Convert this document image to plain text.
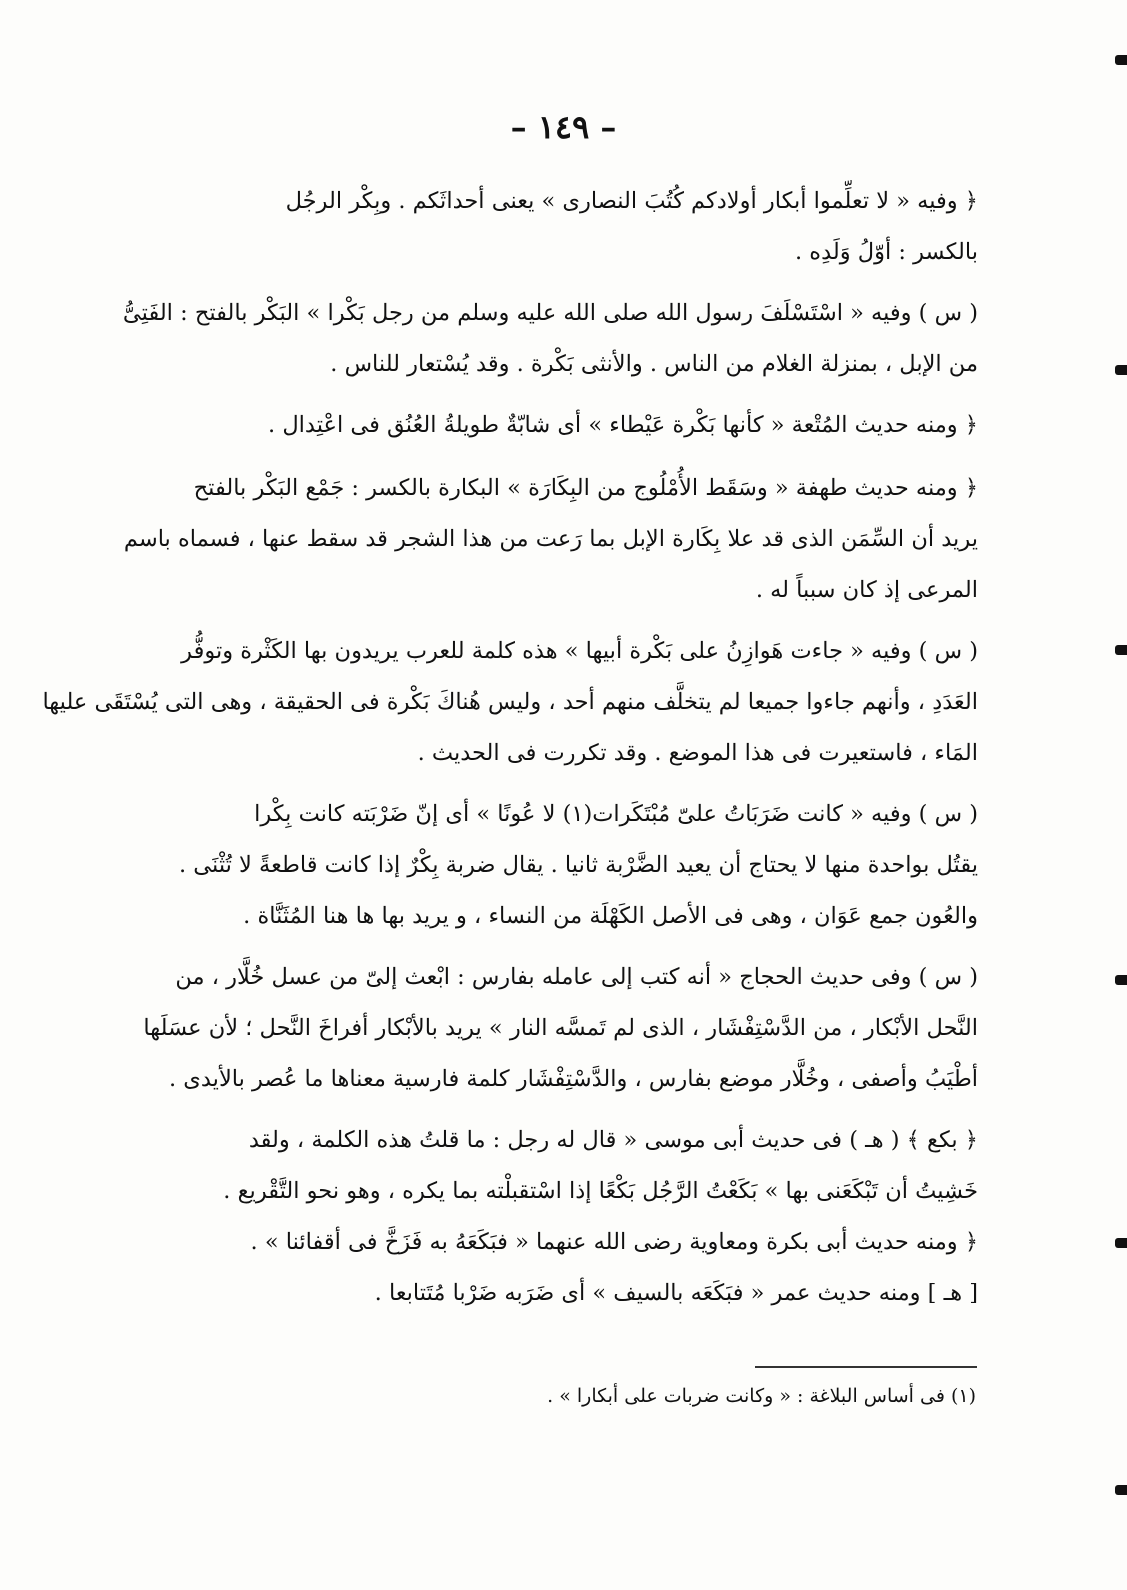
– ١٤٩ –

﴿ وفيه « لا تعلِّموا أبكار أولادكم كُتُبَ النصارى » يعنى أحداثَكم . وبِكْر الرجُل
بالكسر : أوّلُ وَلَدِه .

( س ) وفيه « اسْتَسْلَفَ رسول الله صلى الله عليه وسلم من رجل بَكْرا » البَكْر بالفتح : الفَتِىُّ
من الإبل ، بمنزلة الغلام من الناس . والأنثى بَكْرة . وقد يُسْتعار للناس .

﴿ ومنه حديث المُتْعة « كأنها بَكْرة عَيْطاء » أى شابّةٌ طويلةُ العُنُق فى اعْتِدال .

﴿ ومنه حديث طهفة « وسَقَط الأُمْلُوج من البِكَارَة » البكارة بالكسر : جَمْع البَكْر بالفتح
يريد أن السِّمَن الذى قد علا بِكَارة الإبل بما رَعت من هذا الشجر قد سقط عنها ، فسماه باسم
المرعى إذ كان سبباً له .

( س ) وفيه « جاءت هَوازِنُ على بَكْرة أبيها » هذه كلمة للعرب يريدون بها الكَثْرة وتوفُّر
العَدَدِ ، وأنهم جاءوا جميعا لم يتخلَّف منهم أحد ، وليس هُناكَ بَكْرة فى الحقيقة ، وهى التى يُسْتَقَى عليها
المَاء ، فاستعيرت فى هذا الموضع . وقد تكررت فى الحديث .

( س ) وفيه « كانت ضَرَبَاتُ علىّ مُبْتَكَرات(١) لا عُونًا » أى إنّ ضَرْبَته كانت بِكْرا
يقتُل بواحدة منها لا يحتاج أن يعيد الضَّرْبة ثانيا . يقال ضربة بِكْرٌ إذا كانت قاطعةً لا تُثْنَى .
والعُون جمع عَوَان ، وهى فى الأصل الكَهْلَة من النساء ، و يريد بها ها هنا المُثَنَّاة .

( س ) وفى حديث الحجاج « أنه كتب إلى عامله بفارس : ابْعث إلىّ من عسل خُلَّار ، من
النَّحل الأبْكار ، من الدَّسْتِفْشَار ، الذى لم تَمسَّه النار » يريد بالأبْكار أفراخَ النَّحل ؛ لأن عسَلَها
أطْيَبُ وأصفى ، وخُلَّار موضع بفارس ، والدَّسْتِفْشَار كلمة فارسية معناها ما عُصر بالأيدى .

﴿ بكع ﴾ ( هـ ) فى حديث أبى موسى « قال له رجل : ما قلتُ هذه الكلمة ، ولقد
خَشِيتُ أن تَبْكَعَنى بها » بَكَعْتُ الرَّجُل بَكْعًا إذا اسْتقبلْته بما يكره ، وهو نحو التَّقْريع .

﴿ ومنه حديث أبى بكرة ومعاوية رضى الله عنهما « فبَكَعَهُ به فَزَخَّ فى أقفائنا » .

[ هـ ] ومنه حديث عمر « فبَكَعَه بالسيف » أى ضَرَبه ضَرْبا مُتَتابعا .

(١) فى أساس البلاغة : « وكانت ضربات على أبكارا » .
